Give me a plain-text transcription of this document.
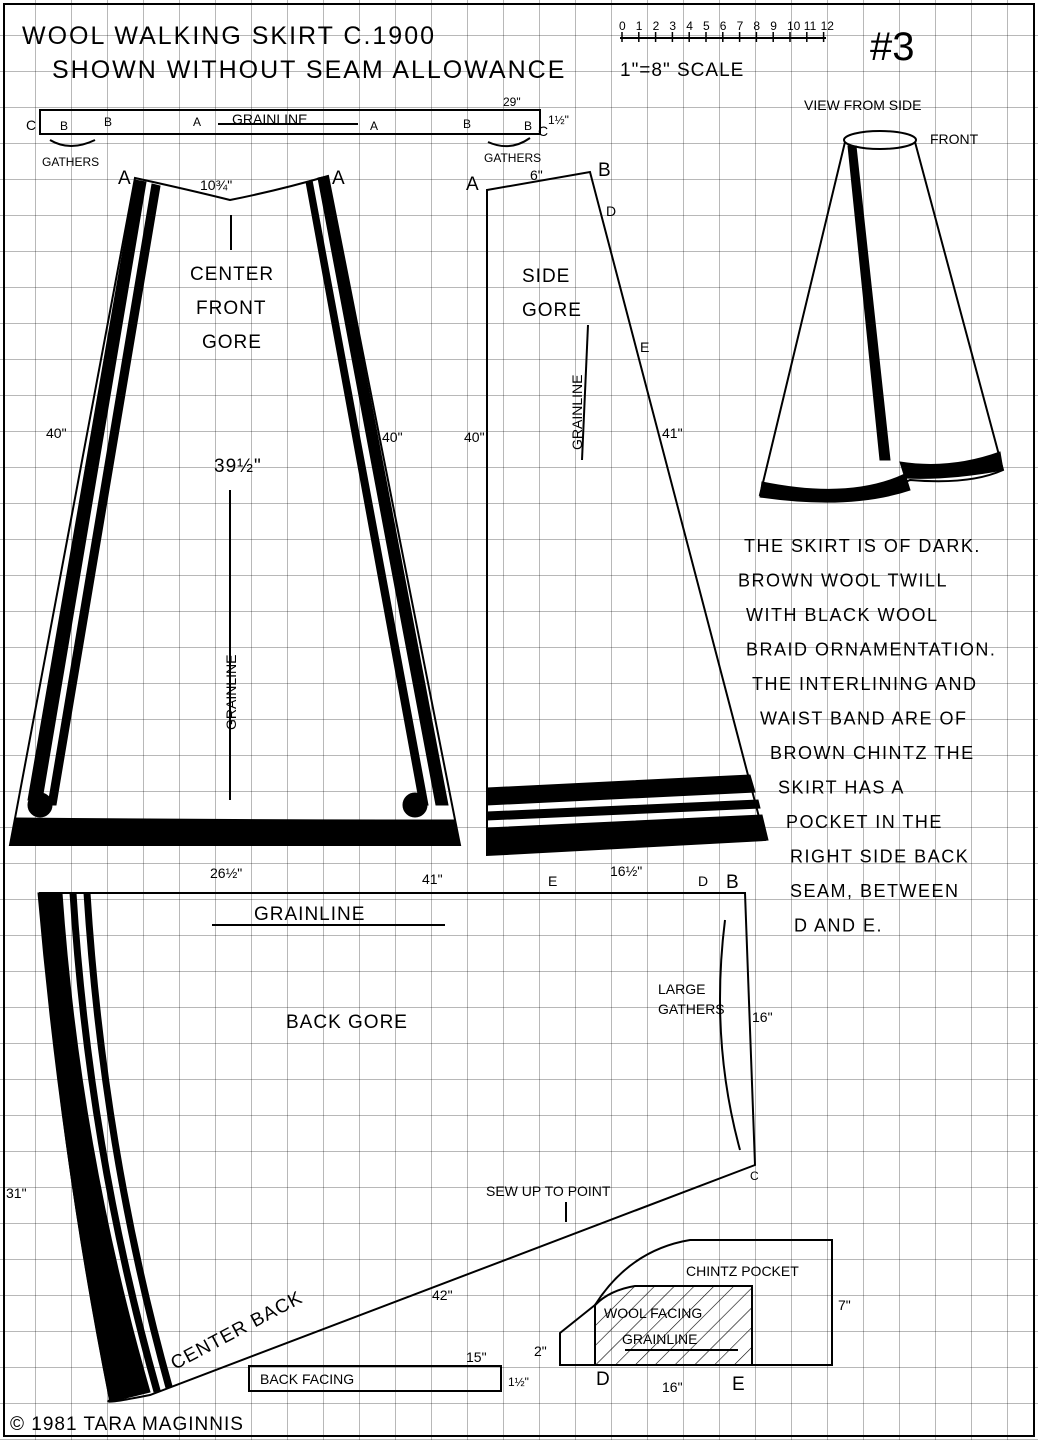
WOOL WALKING SKIRT C.1900
SHOWN WITHOUT SEAM ALLOWANCE
0 1 2 3 4 5 6 7 8 9 10 11 12
1"=8" SCALE
#3
29"
1½"
C	C
B	B	A	A	B	B
GRAINLINE
GATHERS	GATHERS
A	A
10¾"
CENTER
FRONT
GORE
40"	40"
39½"
GRAINLINE
26½"
A
B
D
E
6"
SIDE
GORE
GRAINLINE
40"	41"
16½"
VIEW FROM SIDE
FRONT
THE SKIRT IS OF DARK.
BROWN WOOL TWILL
WITH BLACK WOOL
BRAID ORNAMENTATION.
THE INTERLINING AND
WAIST BAND ARE OF
BROWN CHINTZ THE
SKIRT HAS A
POCKET IN THE
RIGHT SIDE BACK
SEAM, BETWEEN
D AND E.
41"	E	D B
C
GRAINLINE
BACK GORE
LARGE
GATHERS 16"
31"	SEW UP TO POINT
42"
CENTER BACK
BACK FACING
15"
1½"
CHINTZ POCKET
WOOL FACING
GRAINLINE
7"
2"
D	E
16"
© 1981 TARA MAGINNIS
